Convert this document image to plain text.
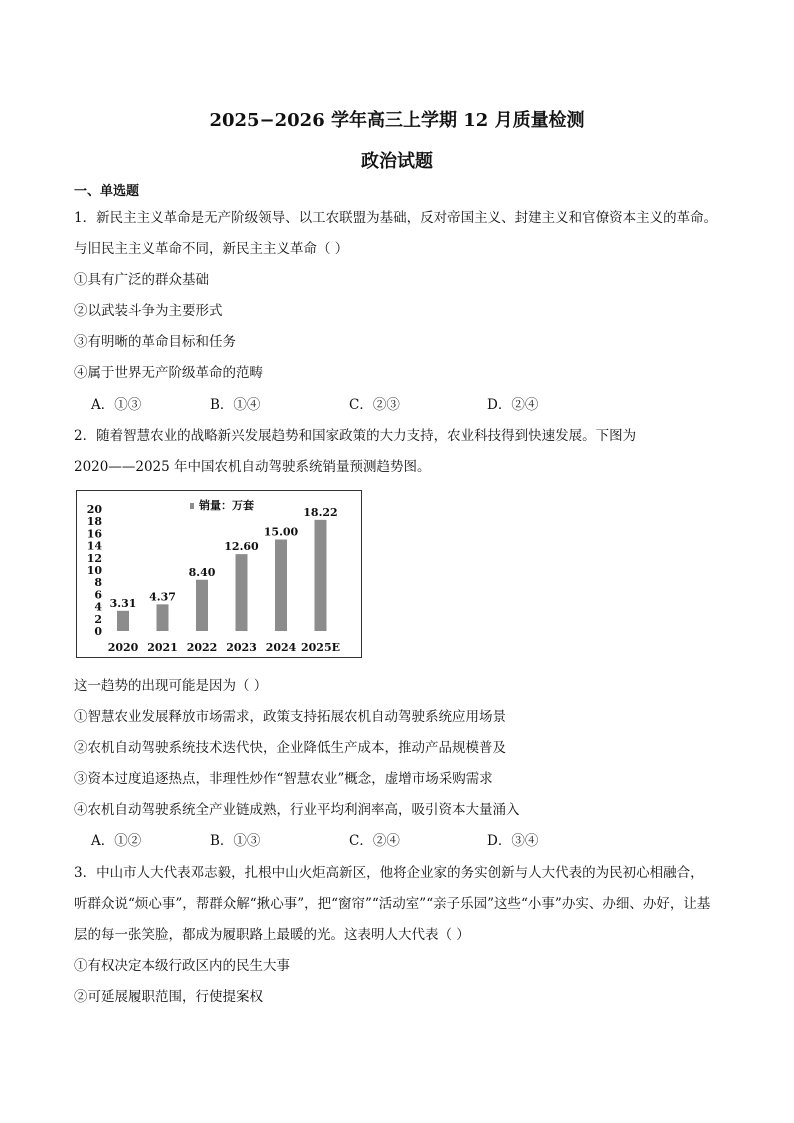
2025−2026 学年高三上学期 12 月质量检测
政治试题
一、单选题
1．新民主主义革命是无产阶级领导、以工农联盟为基础，反对帝国主义、封建主义和官僚资本主义的革命。
与旧民主主义革命不同，新民主主义革命（ ）
①具有广泛的群众基础
②以武装斗争为主要形式
③有明晰的革命目标和任务
④属于世界无产阶级革命的范畴
A．①③	B．①④	C．②③	D．②④
2．随着智慧农业的战略新兴发展趋势和国家政策的大力支持，农业科技得到快速发展。下图为
2020——2025 年中国农机自动驾驶系统销量预测趋势图。
20
18
16
14
12
10
8
6
4
2
0
销量：万套
3.31
2020
4.37
2021
8.40
2022
12.60
2023
15.00
2024
18.22
2025E
这一趋势的出现可能是因为（ ）
①智慧农业发展释放市场需求，政策支持拓展农机自动驾驶系统应用场景
②农机自动驾驶系统技术迭代快，企业降低生产成本，推动产品规模普及
③资本过度追逐热点，非理性炒作“智慧农业”概念，虚增市场采购需求
④农机自动驾驶系统全产业链成熟，行业平均利润率高，吸引资本大量涌入
A．①②	B．①③	C．②④	D．③④
3．中山市人大代表邓志毅，扎根中山火炬高新区，他将企业家的务实创新与人大代表的为民初心相融合，
听群众说“烦心事”，帮群众解“揪心事”，把“窗帘”“活动室”“亲子乐园”这些“小事”办实、办细、办好，让基
层的每一张笑脸，都成为履职路上最暖的光。这表明人大代表（ ）
①有权决定本级行政区内的民生大事
②可延展履职范围，行使提案权
